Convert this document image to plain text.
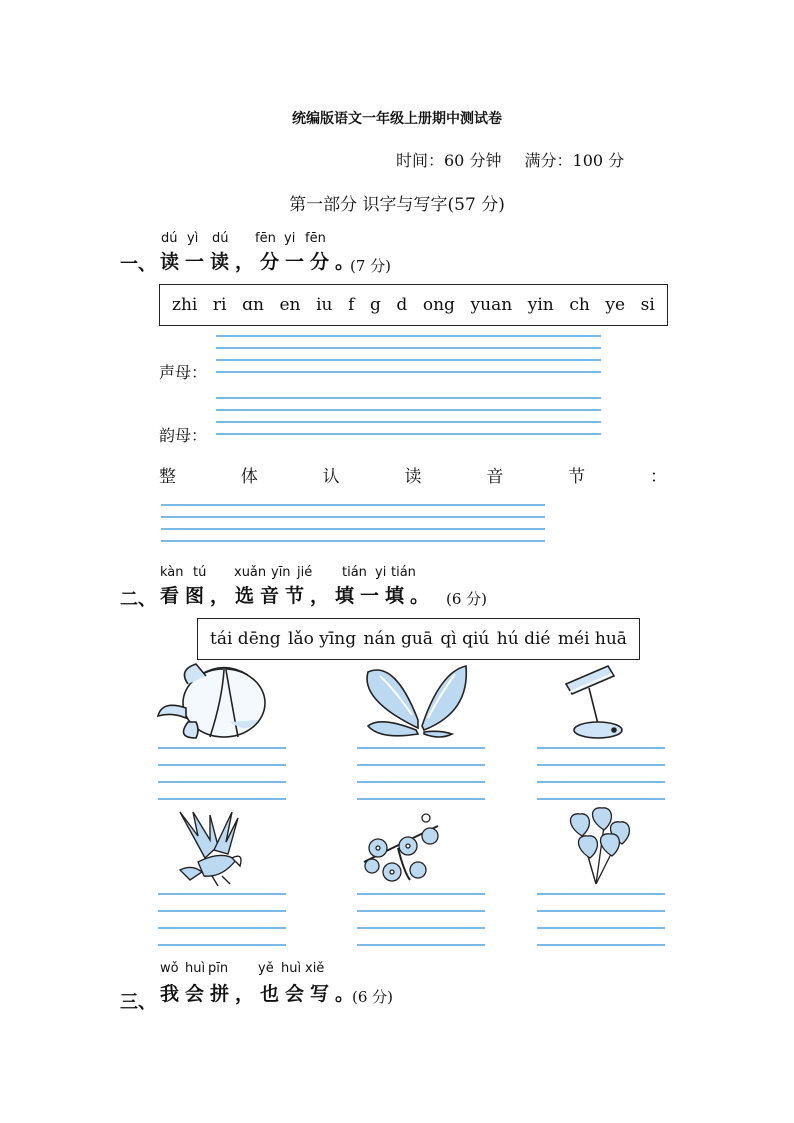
统编版语文一年级上册期中测试卷
时间：60 分钟 满分：100 分
第一部分 识字与写字(57 分)
dú yì dú fēn yi fēn
一、 读一读，分一分。
(7 分)
zhi ri ɑn en iu f g d ong yuan yin ch ye si
声母：
韵母：
整	体	认	读	音	节	：
kàn tú xuǎn yīn jié tián yi tián
二、 看图，选音节，填一填。 (6 分)
tái dēng lǎo yīng nán guā qì qiú hú dié méi huā
wǒ huì pīn yě huì xiě
三、 我会拼，也会写。
(6 分)
